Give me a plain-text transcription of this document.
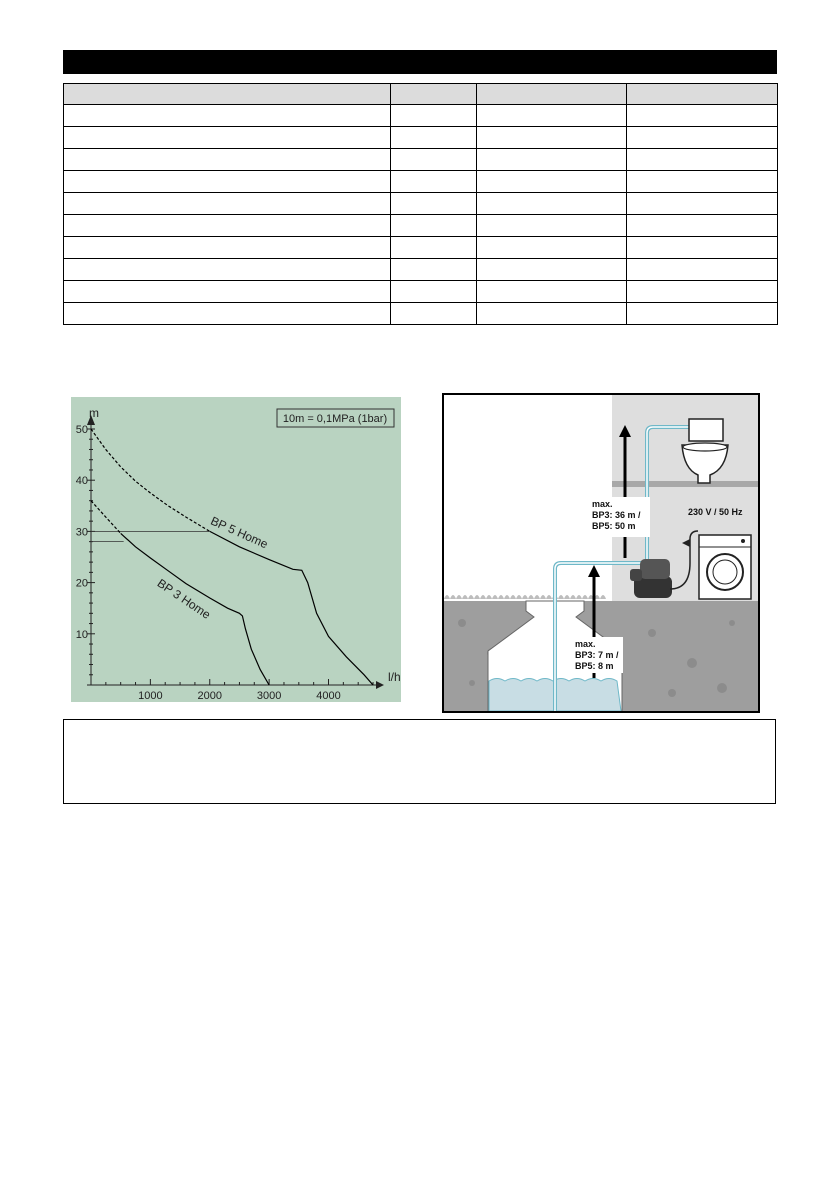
1000	2000	3000	4000
10
20
30
40
50
l/h
m
BP 5 Home
BP 3 Home
10m = 0,1MPa (1bar)
max.
BP3: 36 m /
BP5: 50 m
max.
BP3: 7 m /
BP5: 8 m
230 V / 50 Hz
